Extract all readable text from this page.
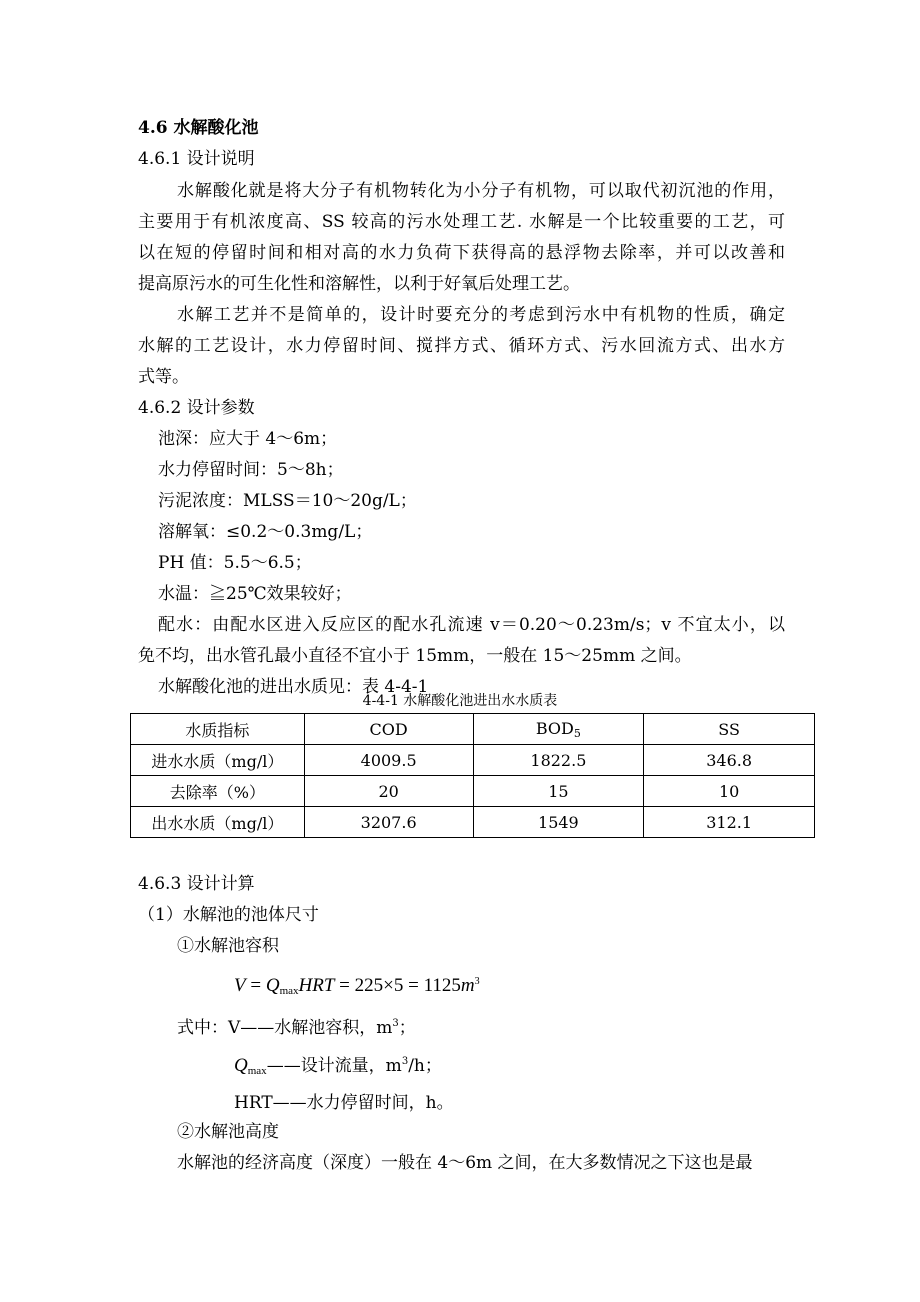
4.6 水解酸化池
4.6.1 设计说明
水解酸化就是将大分子有机物转化为小分子有机物，可以取代初沉池的作用，
主要用于有机浓度高、SS 较高的污水处理工艺. 水解是一个比较重要的工艺，可
以在短的停留时间和相对高的水力负荷下获得高的悬浮物去除率，并可以改善和
提高原污水的可生化性和溶解性，以利于好氧后处理工艺。
水解工艺并不是简单的，设计时要充分的考虑到污水中有机物的性质，确定
水解的工艺设计，水力停留时间、搅拌方式、循环方式、污水回流方式、出水方
式等。
4.6.2 设计参数
池深：应大于 4～6m；
水力停留时间：5～8h；
污泥浓度：MLSS＝10～20g/L；
溶解氧：≤0.2～0.3mg/L；
PH 值：5.5～6.5；
水温：≧25℃效果较好；
配水：由配水区进入反应区的配水孔流速 v＝0.20～0.23m/s；v 不宜太小，以
免不均，出水管孔最小直径不宜小于 15mm，一般在 15～25mm 之间。
水解酸化池的进出水质见：表 4-4-1
4-4-1 水解酸化池进出水水质表
水质指标	COD	$BOD_5$	SS
进水水质（mg/l）	4009.5	1822.5	346.8
去除率（%）	20	15	10
出水水质（mg/l）	3207.6	1549	312.1
4.6.3 设计计算
（1）水解池的池体尺寸
①水解池容积
$V = Q_{max}HRT = 225\times 5 = 1125m^3$
式中：V——水解池容积，$m^3$；
$Q_{max}——$设计流量，$m^3/h$；
HRT——水力停留时间，h。
②水解池高度
水解池的经济高度（深度）一般在 4～6m 之间，在大多数情况之下这也是最
